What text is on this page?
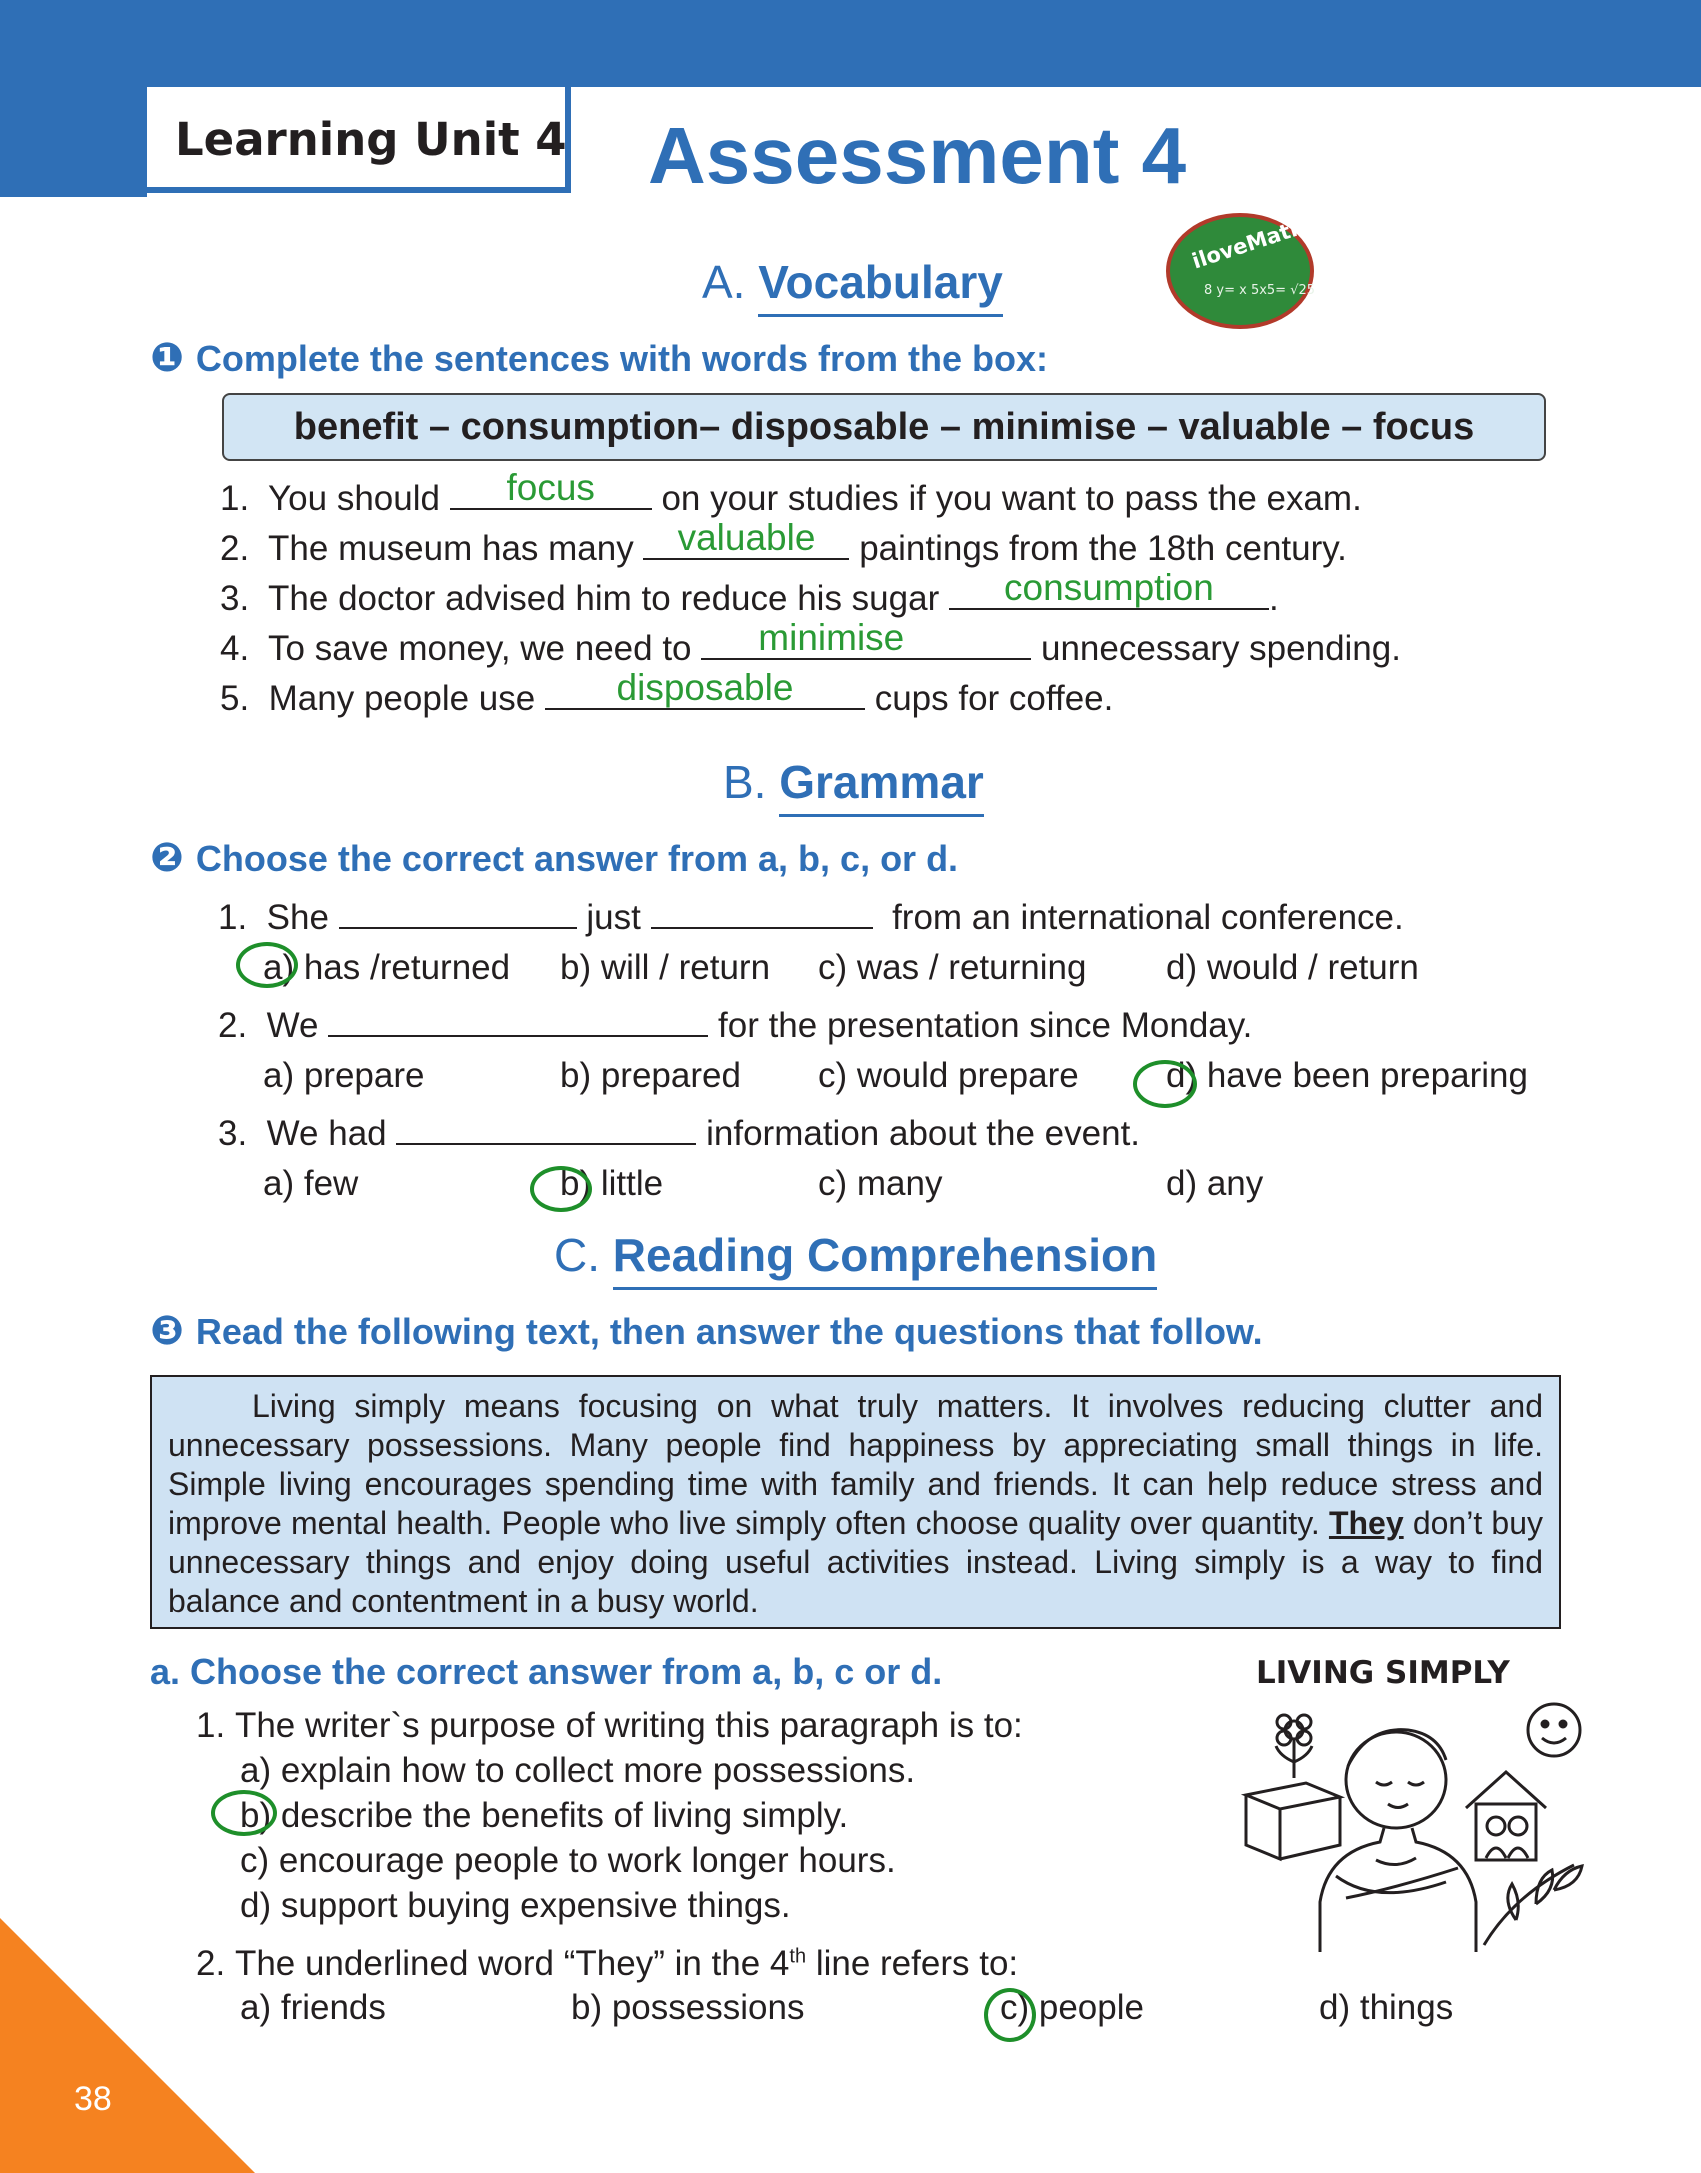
Learning Unit 4 Assessment 4
iloveMath158
8 y= x 5x5= √25
A. Vocabulary
❶ Complete the sentences with words from the box:
benefit – consumption– disposable – minimise – valuable – focus
1. You should	focus	on your studies if you want to pass the exam.
2. The museum has many	valuable	paintings from the 18th century.
3. The doctor advised him to reduce his sugar	consumption	.
4. To save money, we need to	minimise	unnecessary spending.
5. Many people use	disposable	cups for coffee.
B. Grammar
❷ Choose the correct answer from a, b, c, or d.
1. She	just	from an international conference.
a) has /returned b) will / return c) was / returning d) would / return
2. We	for the presentation since Monday.
a) prepare	b) prepared c) would prepare d) have been preparing
3. We had	information about the event.
a) few	b) little	c) many	d) any
C. Reading Comprehension
❸ Read the following text, then answer the questions that follow.
Living simply means focusing on what truly matters. It involves reducing clutter and unnecessary possessions. Many people find happiness by appreciating small things in life. Simple living encourages spending time with family and friends. It can help reduce stress and improve mental health. People who live simply often choose quality over quantity. They don’t buy unnecessary things and enjoy doing useful activities instead. Living simply is a way to find balance and contentment in a busy world.
a. Choose the correct answer from a, b, c or d.
1. The writer`s purpose of writing this paragraph is to:
a) explain how to collect more possessions.
b) describe the benefits of living simply.
c) encourage people to work longer hours.
d) support buying expensive things.
2. The underlined word “They” in the 4th line refers to:
a) friends	b) possessions	c) people	d) things
LIVING SIMPLY
38
